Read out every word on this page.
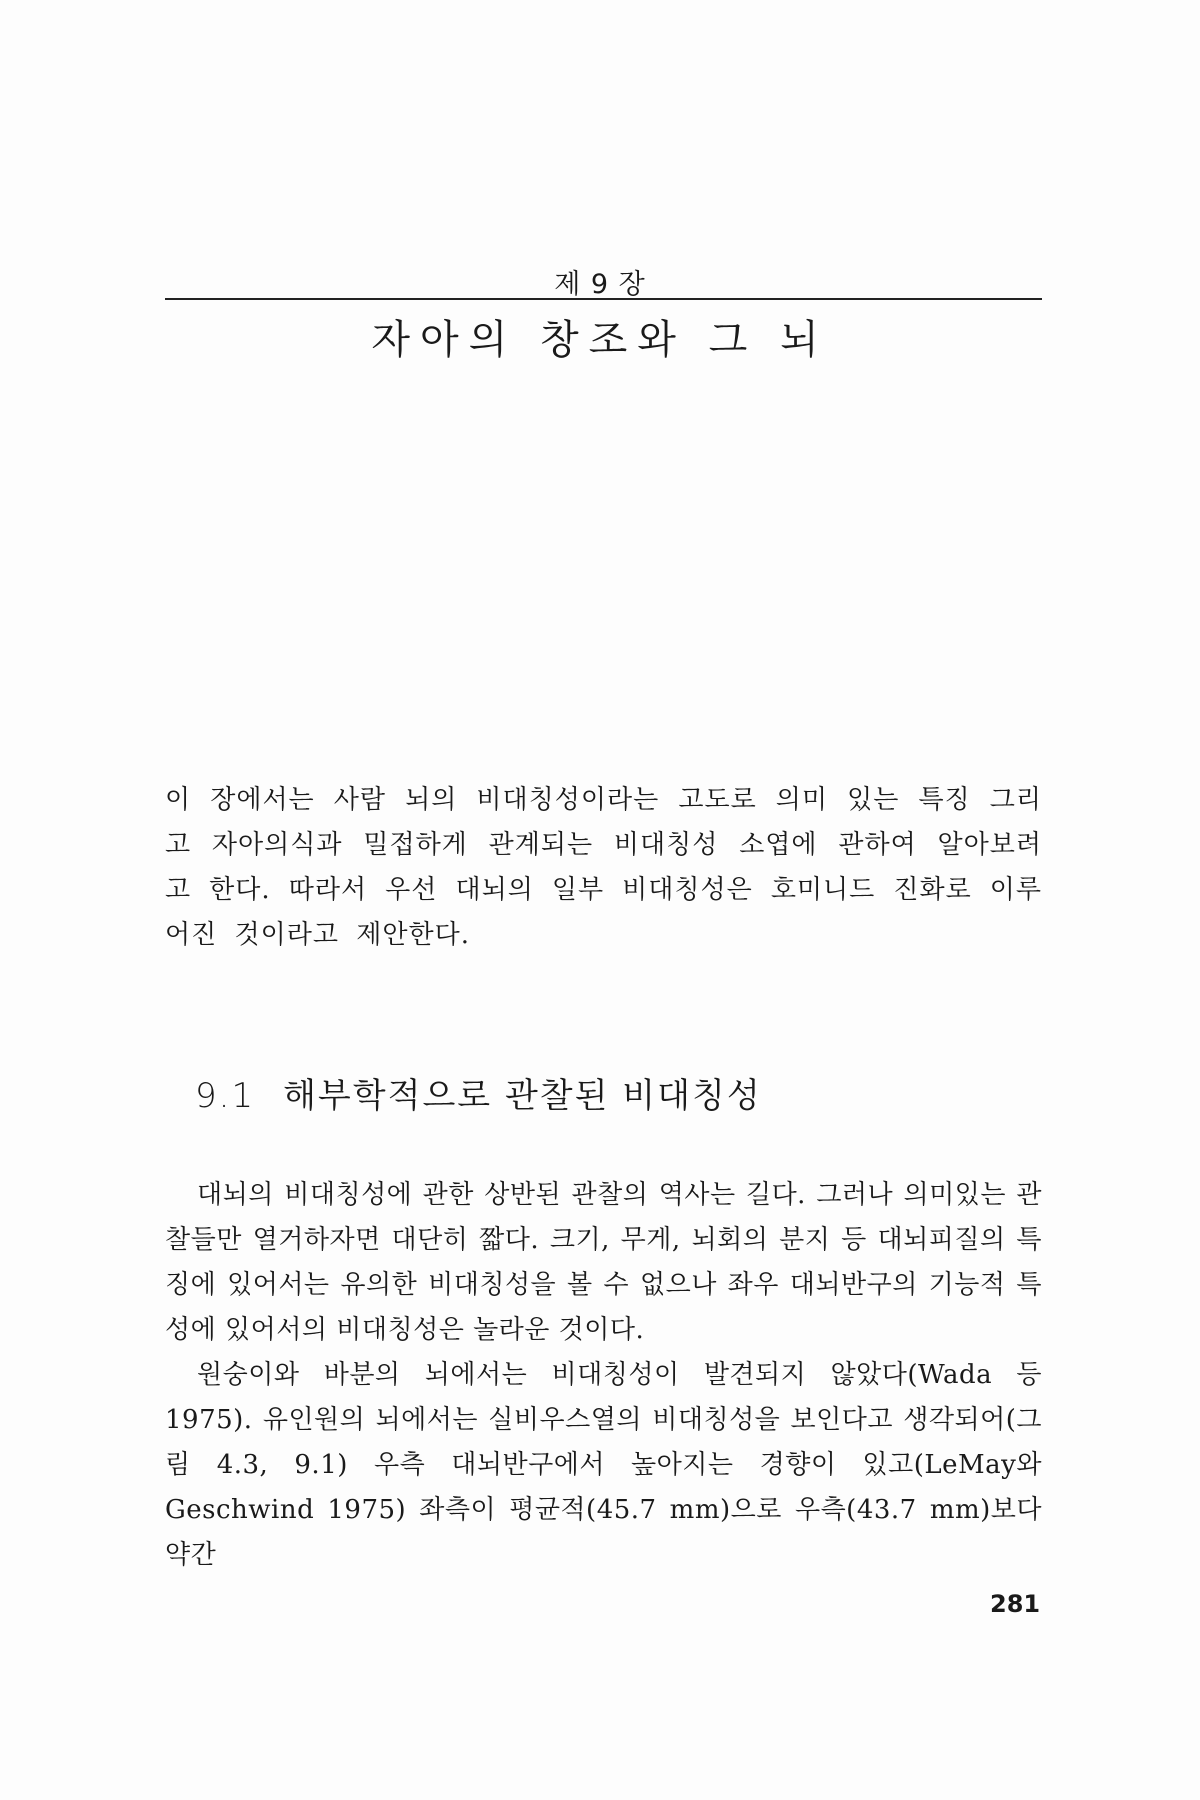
제 9 장
자아의 창조와 그 뇌
이 장에서는 사람 뇌의 비대칭성이라는 고도로 의미 있는 특징 그리고 자아의식과 밀접하게 관계되는 비대칭성 소엽에 관하여 알아보려고 한다. 따라서 우선 대뇌의 일부 비대칭성은 호미니드 진화로 이루어진 것이라고 제안한다.
9.1 해부학적으로 관찰된 비대칭성

대뇌의 비대칭성에 관한 상반된 관찰의 역사는 길다. 그러나 의미있는 관찰들만 열거하자면 대단히 짧다. 크기, 무게, 뇌회의 분지 등 대뇌피질의 특징에 있어서는 유의한 비대칭성을 볼 수 없으나 좌우 대뇌반구의 기능적 특성에 있어서의 비대칭성은 놀라운 것이다.

원숭이와 바분의 뇌에서는 비대칭성이 발견되지 않았다(Wada 등 1975). 유인원의 뇌에서는 실비우스열의 비대칭성을 보인다고 생각되어(그림 4.3, 9.1) 우측 대뇌반구에서 높아지는 경향이 있고(LeMay와 Geschwind 1975) 좌측이 평균적(45.7 mm)으로 우측(43.7 mm)보다 약간

281
